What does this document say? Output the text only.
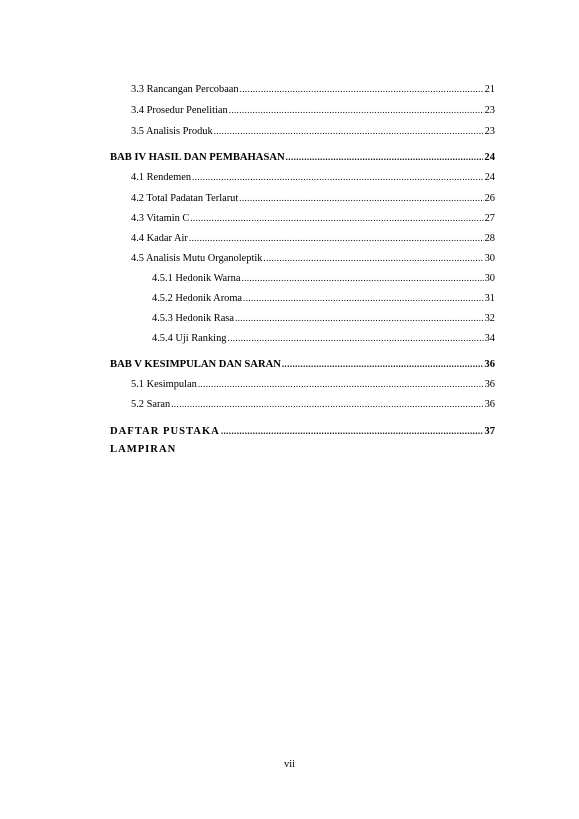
3.3 Rancangan Percobaan .....	21
3.4 Prosedur Penelitian .....	23
3.5 Analisis Produk .....	23
BAB IV HASIL DAN PEMBAHASAN .....	24
4.1 Rendemen .....	24
4.2 Total Padatan Terlarut .....	26
4.3 Vitamin C .....	27
4.4 Kadar Air .....	28
4.5 Analisis Mutu Organoleptik .....	30
4.5.1 Hedonik Warna .....	30
4.5.2 Hedonik Aroma .....	31
4.5.3 Hedonik Rasa .....	32
4.5.4 Uji Ranking .....	34
BAB V KESIMPULAN DAN SARAN .....	36
5.1 Kesimpulan .....	36
5.2 Saran .....	36
DAFTAR PUSTAKA .....	37
LAMPIRAN
vii
